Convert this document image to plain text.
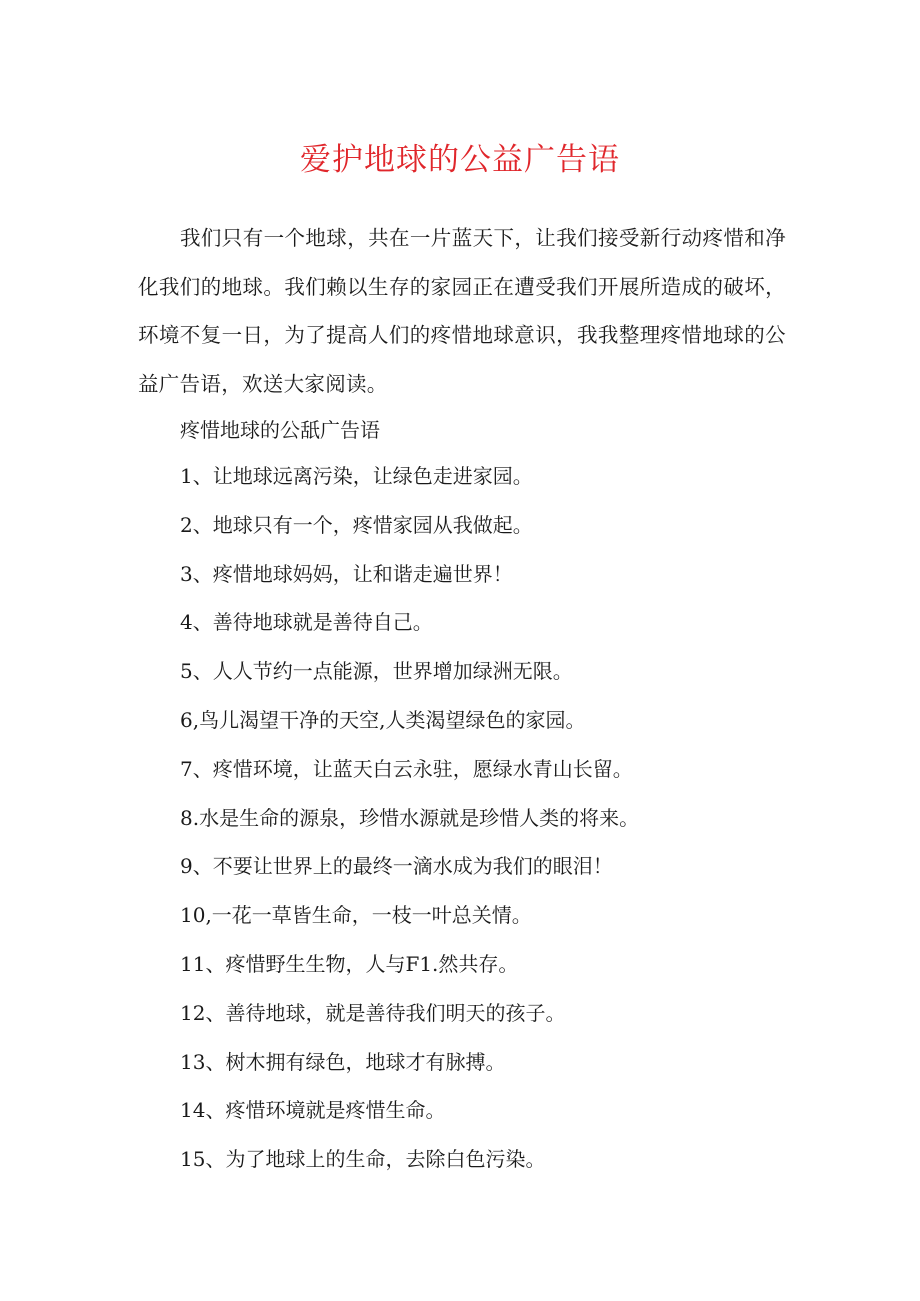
爱护地球的公益广告语

我们只有一个地球，共在一片蓝天下，让我们接受新行动疼惜和净化我们的地球。我们赖以生存的家园正在遭受我们开展所造成的破坏，环境不复一日，为了提高人们的疼惜地球意识，我我整理疼惜地球的公益广告语，欢送大家阅读。

疼惜地球的公舐广告语

1、让地球远离污染，让绿色走进家园。
2、地球只有一个，疼惜家园从我做起。
3、疼惜地球妈妈，让和谐走遍世界！
4、善待地球就是善待自己。
5、人人节约一点能源，世界增加绿洲无限。
6,鸟儿渴望干净的天空,人类渴望绿色的家园。
7、疼惜环境，让蓝天白云永驻，愿绿水青山长留。
8.水是生命的源泉，珍惜水源就是珍惜人类的将来。
9、不要让世界上的最终一滴水成为我们的眼泪！
10,一花一草皆生命，一枝一叶总关情。
11、疼惜野生生物，人与F1.然共存。
12、善待地球，就是善待我们明天的孩子。
13、树木拥有绿色，地球才有脉搏。
14、疼惜环境就是疼惜生命。
15、为了地球上的生命，去除白色污染。
